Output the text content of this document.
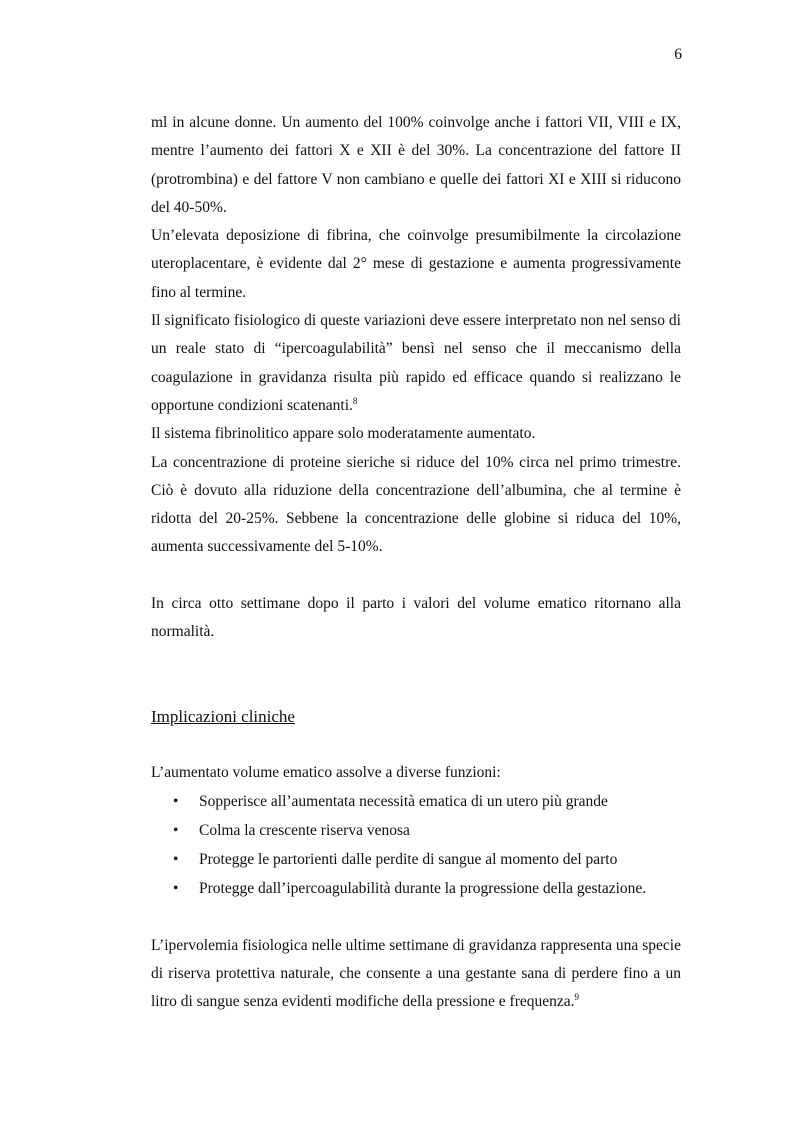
6

ml in alcune donne. Un aumento del 100% coinvolge anche i fattori VII, VIII e IX, mentre l’aumento dei fattori X e XII è del 30%. La concentrazione del fattore II (protrombina) e del fattore V non cambiano e quelle dei fattori XI e XIII si riducono del 40-50%.

Un’elevata deposizione di fibrina, che coinvolge presumibilmente la circolazione uteroplacentare, è evidente dal 2° mese di gestazione e aumenta progressivamente fino al termine.

Il significato fisiologico di queste variazioni deve essere interpretato non nel senso di un reale stato di “ipercoagulabilità” bensì nel senso che il meccanismo della coagulazione in gravidanza risulta più rapido ed efficace quando si realizzano le opportune condizioni scatenanti.$^8$

Il sistema fibrinolitico appare solo moderatamente aumentato.

La concentrazione di proteine sieriche si riduce del 10% circa nel primo trimestre. Ciò è dovuto alla riduzione della concentrazione dell’albumina, che al termine è ridotta del 20-25%. Sebbene la concentrazione delle globine si riduca del 10%, aumenta successivamente del 5-10%.

In circa otto settimane dopo il parto i valori del volume ematico ritornano alla normalità.

Implicazioni cliniche

L’aumentato volume ematico assolve a diverse funzioni:

• Sopperisce all’aumentata necessità ematica di un utero più grande
• Colma la crescente riserva venosa
• Protegge le partorienti dalle perdite di sangue al momento del parto
• Protegge dall’ipercoagulabilità durante la progressione della gestazione.

L’ipervolemia fisiologica nelle ultime settimane di gravidanza rappresenta una specie di riserva protettiva naturale, che consente a una gestante sana di perdere fino a un litro di sangue senza evidenti modifiche della pressione e frequenza.$^9$
